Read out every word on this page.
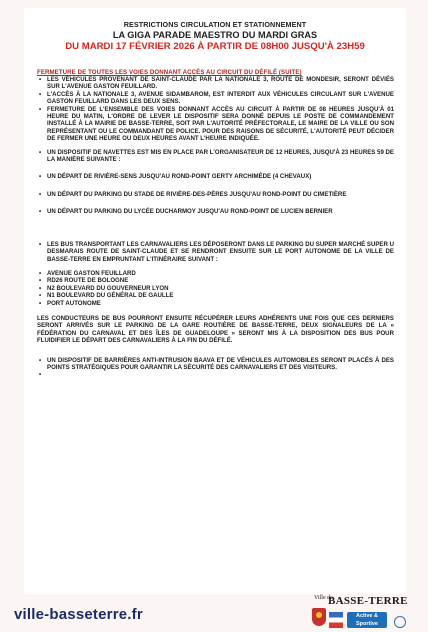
RESTRICTIONS CIRCULATION ET STATIONNEMENT
LA GIGA PARADE MAESTRO DU MARDI GRAS
DU MARDI 17 FÉVRIER 2026 À PARTIR DE 08H00 JUSQU'À 23H59
FERMETURE DE TOUTES LES VOIES DONNANT ACCÈS AU CIRCUIT DU DÉFILÉ (SUITE)
• LES VÉHICULES PROVENANT DE SAINT-CLAUDE PAR LA NATIONALE 3, ROUTE DE MONDESIR, SERONT DÉVIÉS SUR L'AVENUE GASTON FEUILLARD.
• L'ACCÈS À LA NATIONALE 3, AVENUE SIDAMBAROM, EST INTERDIT AUX VÉHICULES CIRCULANT SUR L'AVENUE GASTON FEUILLARD DANS LES DEUX SENS.
• FERMETURE DE L'ENSEMBLE DES VOIES DONNANT ACCÈS AU CIRCUIT À PARTIR DE 08 HEURES JUSQU'À 01 HEURE DU MATIN, L'ORDRE DE LEVER LE DISPOSITIF SERA DONNÉ DEPUIS LE POSTE DE COMMANDEMENT INSTALLÉ À LA MAIRIE DE BASSE-TERRE, SOIT PAR L'AUTORITÉ PRÉFECTORALE, LE MAIRE DE LA VILLE OU SON REPRÉSENTANT OU LE COMMANDANT DE POLICE. POUR DES RAISONS DE SÉCURITÉ, L'AUTORITÉ PEUT DÉCIDER DE FERMER UNE HEURE OU DEUX HEURES AVANT L'HEURE INDIQUÉE.
• UN DISPOSITIF DE NAVETTES EST MIS EN PLACE PAR L'ORGANISATEUR DE 12 HEURES, JUSQU'À 23 HEURES 59 DE LA MANIÈRE SUIVANTE :
• UN DÉPART DE RIVIÈRE-SENS JUSQU'AU ROND-POINT GERTY ARCHIMÈDE (4 CHEVAUX)
• UN DÉPART DU PARKING DU STADE DE RIVIÈRE-DES-PÈRES JUSQU'AU ROND-POINT DU CIMETIÈRE
• UN DÉPART DU PARKING DU LYCÉE DUCHARMOY JUSQU'AU ROND-POINT DE LUCIEN BERNIER
• LES BUS TRANSPORTANT LES CARNAVALIERS LES DÉPOSERONT DANS LE PARKING DU SUPER MARCHÉ SUPER U DESMARAIS ROUTE DE SAINT-CLAUDE ET SE RENDRONT ENSUITE SUR LE PORT AUTONOME DE LA VILLE DE BASSE-TERRE EN EMPRUNTANT L'ITINÉRAIRE SUIVANT :
• AVENUE GASTON FEUILLARD
• RD26 ROUTE DE BOLOGNE
• N2 BOULEVARD DU GOUVERNEUR LYON
• N1 BOULEVARD DU GÉNÉRAL DE GAULLE
• PORT AUTONOME
LES CONDUCTEURS DE BUS POURRONT ENSUITE RÉCUPÉRER LEURS ADHÉRENTS UNE FOIS QUE CES DERNIERS SERONT ARRIVÉS SUR LE PARKING DE LA GARE ROUTIÈRE DE BASSE-TERRE, DEUX SIGNALEURS DE LA « FÉDÉRATION DU CARNAVAL ET DES ÎLES DE GUADELOUPE » SERONT MIS À LA DISPOSITION DES BUS POUR FLUIDIFIER LE DÉPART DES CARNAVALIERS À LA FIN DU DÉFILÉ.
• UN DISPOSITIF DE BARRIÈRES ANTI-INTRUSION BAAVA ET DE VÉHICULES AUTOMOBILES SERONT PLACÉS À DES POINTS STRATÉGIQUES POUR GARANTIR LA SÉCURITÉ DES CARNAVALIERS ET DES VISITEURS.
•
ville-basseterre.fr
Ville de
BASSE-TERRE
Active & Sportive
